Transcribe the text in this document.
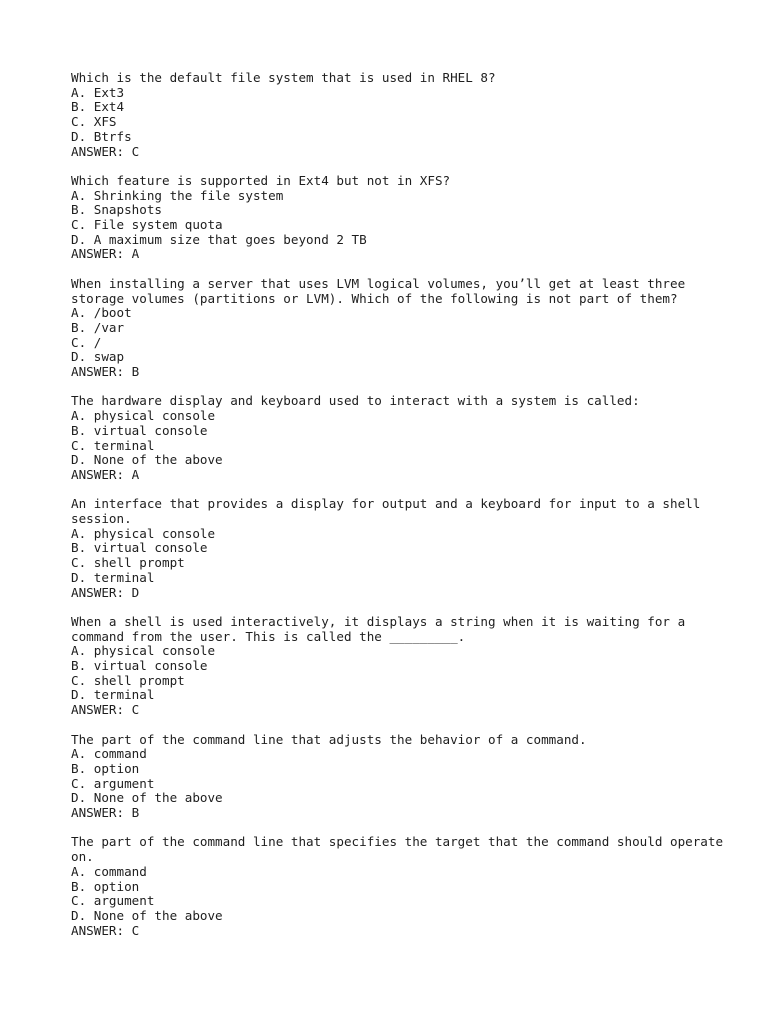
Which is the default file system that is used in RHEL 8?
A. Ext3
B. Ext4
C. XFS
D. Btrfs
ANSWER: C
Which feature is supported in Ext4 but not in XFS?
A. Shrinking the file system
B. Snapshots
C. File system quota
D. A maximum size that goes beyond 2 TB
ANSWER: A
When installing a server that uses LVM logical volumes, you’ll get at least three storage volumes (partitions or LVM). Which of the following is not part of them?
A. /boot
B. /var
C. /
D. swap
ANSWER: B
The hardware display and keyboard used to interact with a system is called:
A. physical console
B. virtual console
C. terminal
D. None of the above
ANSWER: A
An interface that provides a display for output and a keyboard for input to a shell session.
A. physical console
B. virtual console
C. shell prompt
D. terminal
ANSWER: D
When a shell is used interactively, it displays a string when it is waiting for a command from the user. This is called the _________.
A. physical console
B. virtual console
C. shell prompt
D. terminal
ANSWER: C
The part of the command line that adjusts the behavior of a command.
A. command
B. option
C. argument
D. None of the above
ANSWER: B
The part of the command line that specifies the target that the command should operate on.
A. command
B. option
C. argument
D. None of the above
ANSWER: C
